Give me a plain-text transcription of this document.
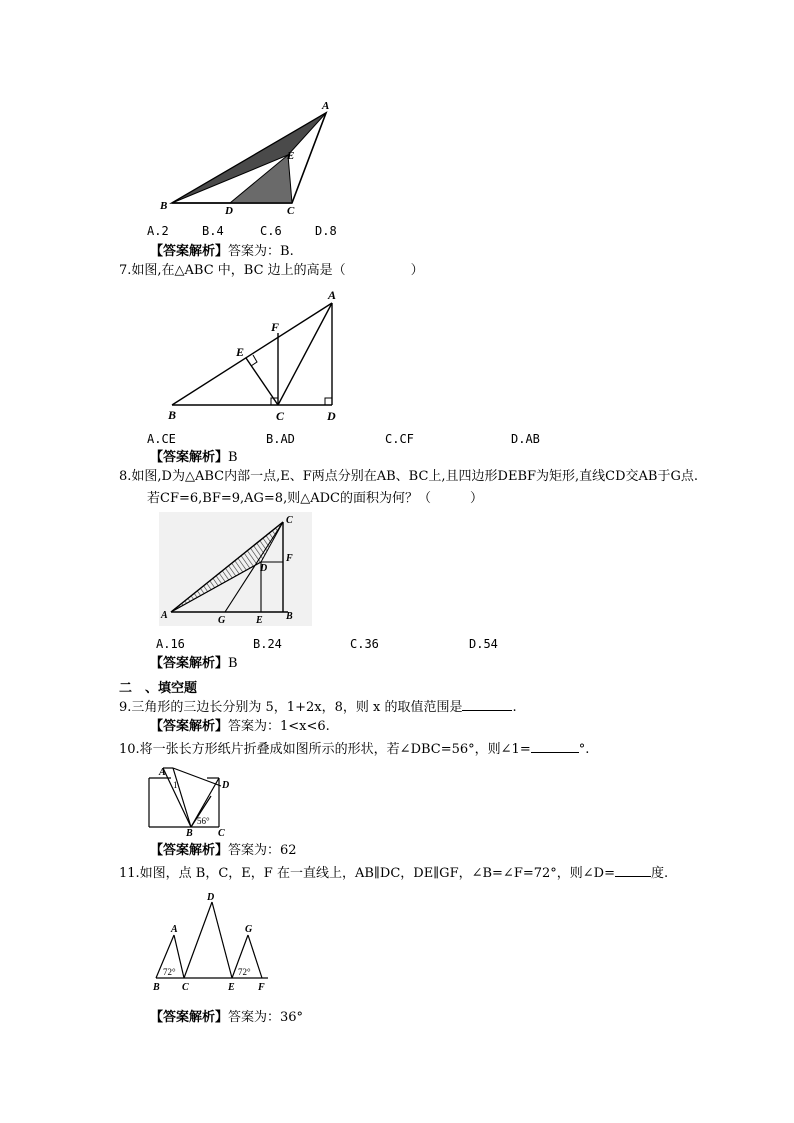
A
E
B	D	C
A.2	B.4	C.6	D.8
【答案解析】答案为：B.
7.如图,在△ABC 中，BC 边上的高是（　　　　　）
A
F
E
B	C	D
A.CE	B.AD	C.CF	D.AB
【答案解析】B
8.如图,D为△ABC内部一点,E、F两点分别在AB、BC上,且四边形DEBF为矩形,直线CD交AB于G点.
若CF=6,BF=9,AG=8,则△ADC的面积为何？（　　　）
C
F
D
A	G	E B
A.16	B.24	C.36	D.54
【答案解析】B
二　、填空题
9.三角形的三边长分别为 5，1+2x，8，则 x 的取值范围是	.
【答案解析】答案为：1<x<6.
10.将一张长方形纸片折叠成如图所示的形状，若∠DBC=56°，则∠1=	°.
A
1	D
B	C
56°
【答案解析】答案为：62
11.如图，点 B，C，E，F 在一直线上，AB∥DC，DE∥GF，∠B=∠F=72°，则∠D=	度.
D
A	G
72°	72°
B C	E F
【答案解析】答案为：36°
